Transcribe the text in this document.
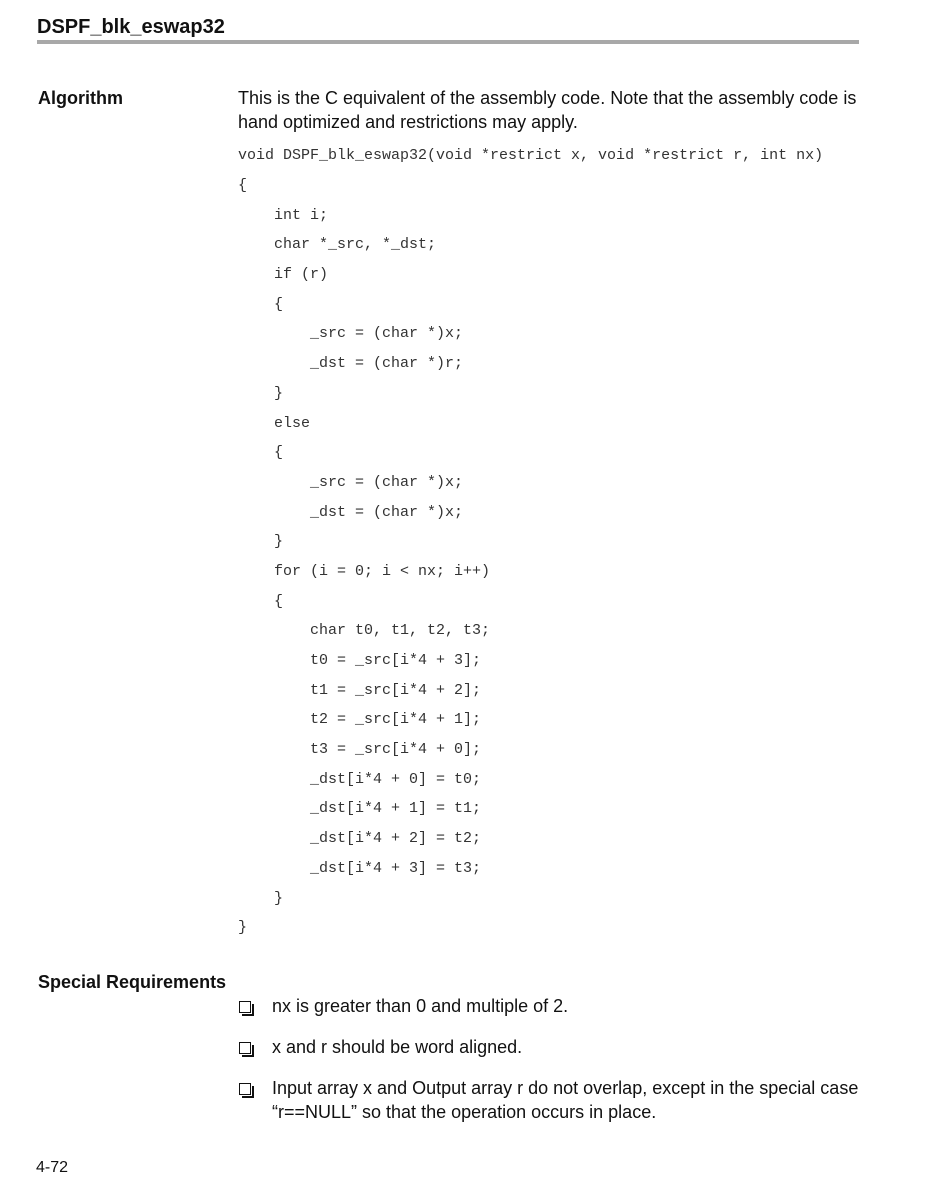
DSPF_blk_eswap32
Algorithm	This is the C equivalent of the assembly code. Note that the assembly code is hand optimized and restrictions may apply.
void DSPF_blk_eswap32(void *restrict x, void *restrict r, int nx)
{
int i;
char *_src, *_dst;
if (r)
{
_src = (char *)x;
_dst = (char *)r;
}
else
{
_src = (char *)x;
_dst = (char *)x;
}
for (i = 0; i < nx; i++)
{
char t0, t1, t2, t3;
t0 = _src[i*4 + 3];
t1 = _src[i*4 + 2];
t2 = _src[i*4 + 1];
t3 = _src[i*4 + 0];
_dst[i*4 + 0] = t0;
_dst[i*4 + 1] = t1;
_dst[i*4 + 2] = t2;
_dst[i*4 + 3] = t3;
}
}
Special Requirements
nx is greater than 0 and multiple of 2.
x and r should be word aligned.
Input array x and Output array r do not overlap, except in the special case “r==NULL” so that the operation occurs in place.
4-72
